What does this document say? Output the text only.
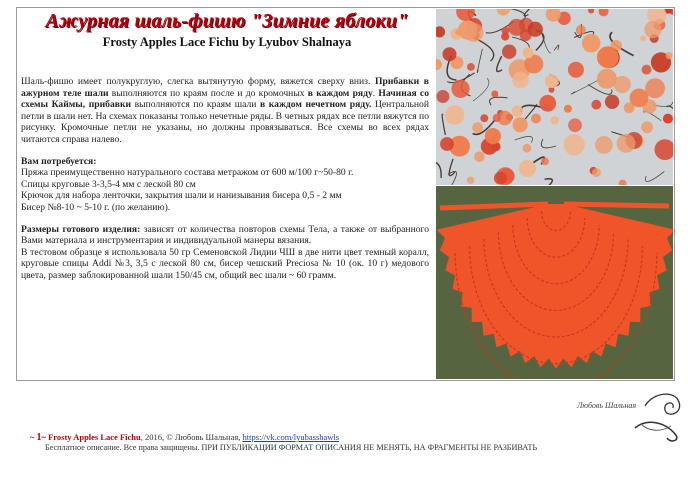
Ажурная шаль-фишю "Зимние яблоки"
Frosty Apples Lace Fichu by Lyubov Shalnaya

Шаль-фишю имеет полукруглую, слегка вытянутую форму, вяжется сверху вниз. Прибавки в ажурном теле шали выполняются по краям после и до кромочных в каждом ряду. Начиная со схемы Каймы, прибавки выполняются по краям шали в каждом нечетном ряду. Центральной петли в шали нет. На схемах показаны только нечетные ряды. В четных рядах все петли вяжутся по рисунку. Кромочные петли не указаны, но должны провязываться. Все схемы во всех рядах читаются справа налево.

Вам потребуется:

Пряжа преимущественно натурального состава метражом от 600 м/100 г~50-80 г.

Спицы круговые 3-3,5-4 мм с леской 80 см

Крючок для набора ленточки, закрытия шали и нанизывания бисера 0,5 - 2 мм

Бисер №8-10 ~ 5-10 г. (по желанию).

Размеры готового изделия: зависят от количества повторов схемы Тела, а также от выбранного Вами материала и инструментария и индивидуальной манеры вязания.

В тестовом образце я использовала 50 гр Семеновской Лидии ЧШ в две нити цвет темный коралл, круговые спицы Addi №3, 3,5 с леской 80 см, бисер чешский Preciosa № 10 (ок. 10 г) медового цвета, размер заблокированной шали 150/45 см, общий вес шали ~ 60 грамм.

Любовь Шальная
~ 1~ Frosty Apples Lace Fichu, 2016, © Любовь Шальная, https://vk.com/lyubasshawls
Бесплатное описание. Все права защищены. ПРИ ПУБЛИКАЦИИ ФОРМАТ ОПИСАНИЯ НЕ МЕНЯТЬ, НА ФРАГМЕНТЫ НЕ РАЗБИВАТЬ
